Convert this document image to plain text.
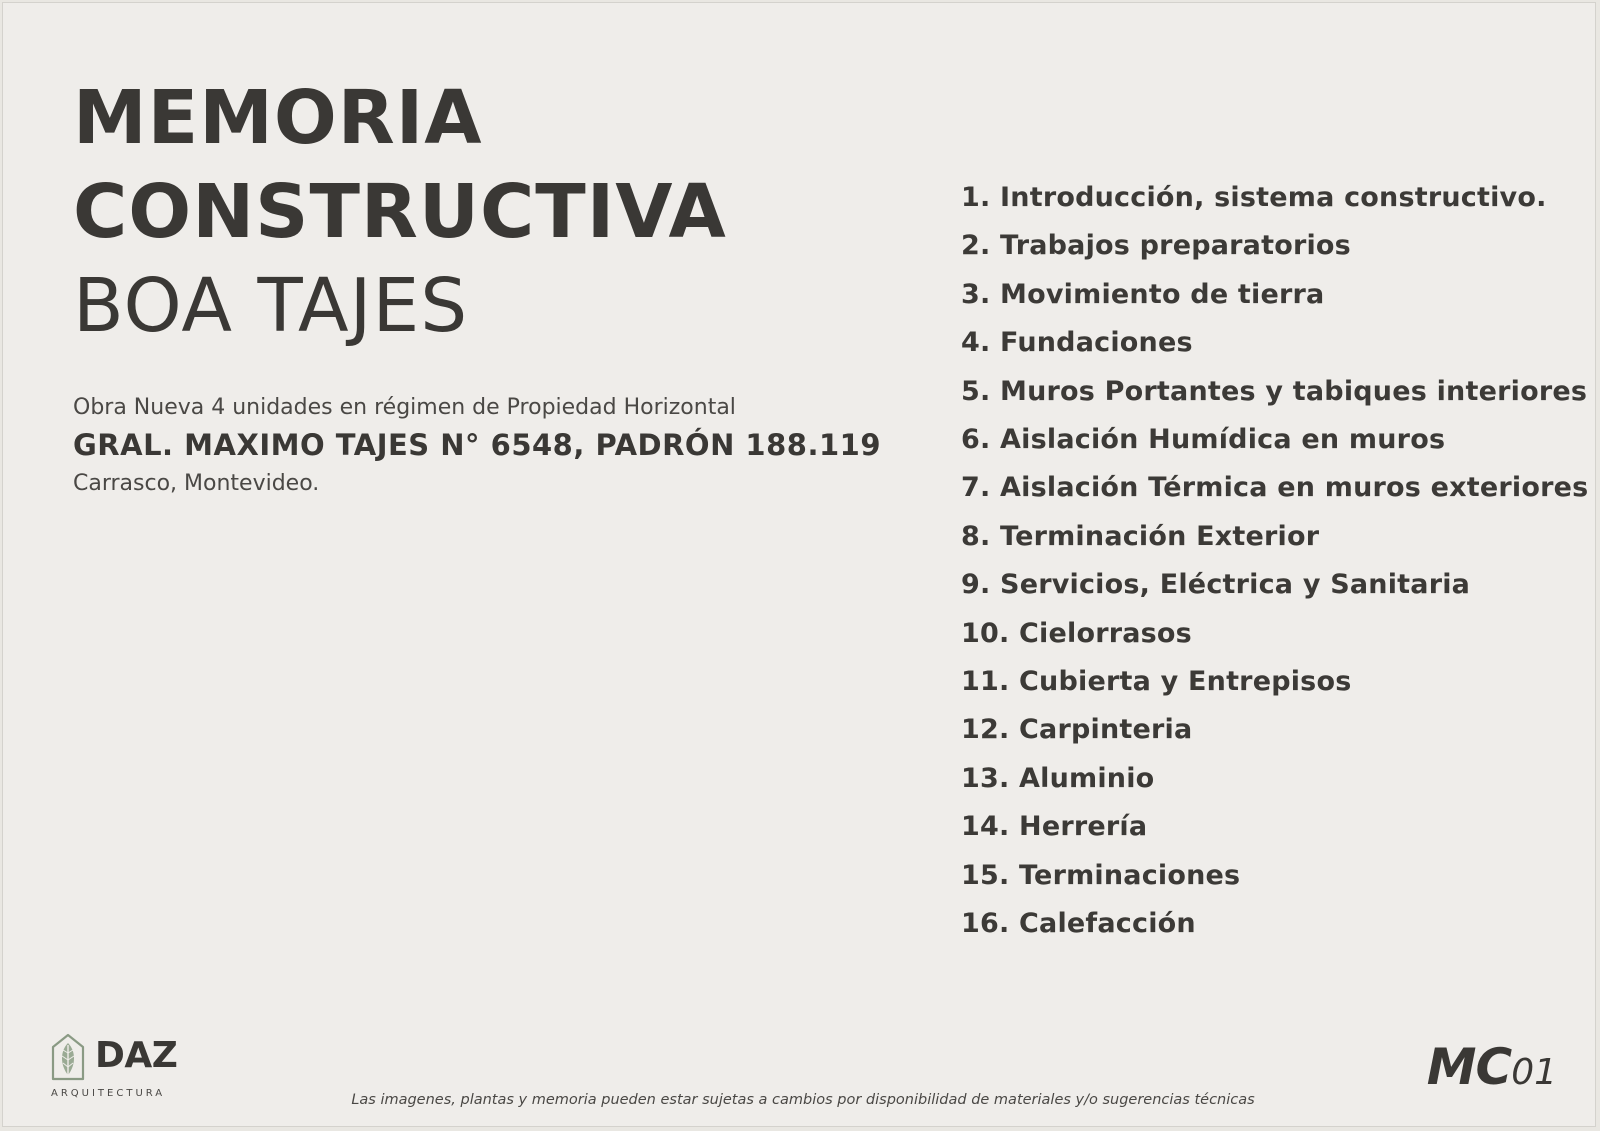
MEMORIA
CONSTRUCTIVA
BOA TAJES
Obra Nueva 4 unidades en régimen de Propiedad Horizontal
GRAL. MAXIMO TAJES N° 6548, PADRÓN 188.119
Carrasco, Montevideo.
1. Introducción, sistema constructivo.
2. Trabajos preparatorios
3. Movimiento de tierra
4. Fundaciones
5. Muros Portantes y tabiques interiores
6. Aislación Humídica en muros
7. Aislación Térmica en muros exteriores
8. Terminación Exterior
9. Servicios, Eléctrica y Sanitaria
10. Cielorrasos
11. Cubierta y Entrepisos
12. Carpinteria
13. Aluminio
14. Herrería
15. Terminaciones
16. Calefacción
DAZ
ARQUITECTURA	Las imagenes, plantas y memoria pueden estar sujetas a cambios por disponibilidad de materiales y/o sugerencias técnicas
MC01
